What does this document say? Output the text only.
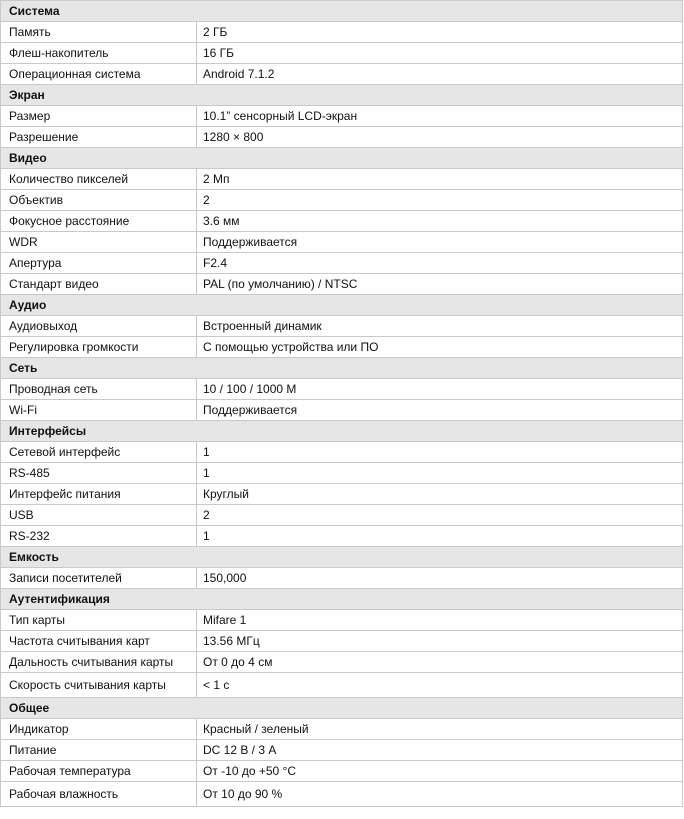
Система
Память	2 ГБ
Флеш-накопитель	16 ГБ
Операционная система	Android 7.1.2
Экран
Размер	10.1” сенсорный LCD-экран
Разрешение	1280 × 800
Видео
Количество пикселей	2 Мп
Объектив	2
Фокусное расстояние	3.6 мм
WDR	Поддерживается
Апертура	F2.4
Стандарт видео	PAL (по умолчанию) / NTSC
Аудио
Аудиовыход	Встроенный динамик
Регулировка громкости	С помощью устройства или ПО
Сеть
Проводная сеть	10 / 100 / 1000 М
Wi-Fi	Поддерживается
Интерфейсы
Сетевой интерфейс	1
RS-485	1
Интерфейс питания	Круглый
USB	2
RS-232	1
Емкость
Записи посетителей	150,000
Аутентификация
Тип карты	Mifare 1
Частота считывания карт	13.56 МГц
Дальность считывания карты	От 0 до 4 см
Скорость считывания карты	< 1 с
Общее
Индикатор	Красный / зеленый
Питание	DC 12 В / 3 А
Рабочая температура	От -10 до +50 °C
Рабочая влажность	От 10 до 90 %
